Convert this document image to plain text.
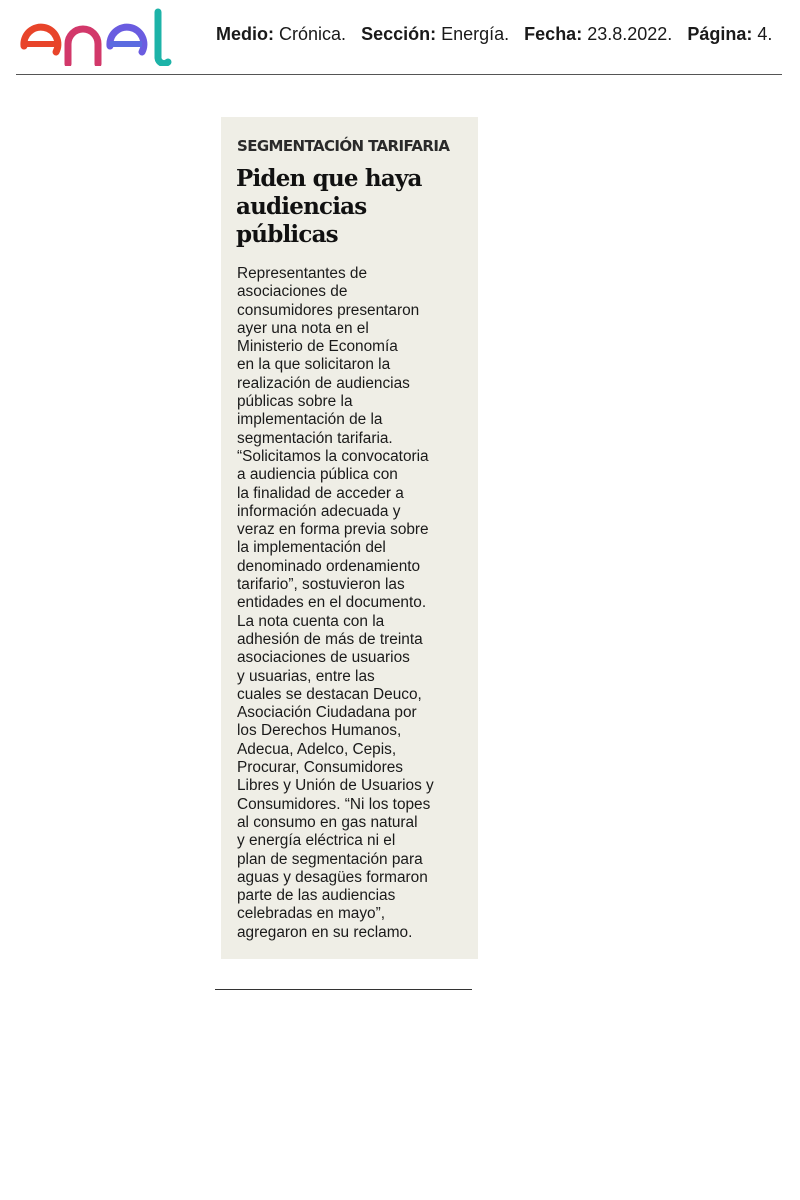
Medio: Crónica. Sección: Energía. Fecha: 23.8.2022. Página: 4.
SEGMENTACIÓN TARIFARIA
Piden que haya
audiencias
públicas
Representantes de
asociaciones de
consumidores presentaron
ayer una nota en el
Ministerio de Economía
en la que solicitaron la
realización de audiencias
públicas sobre la
implementación de la
segmentación tarifaria.
“Solicitamos la convocatoria
a audiencia pública con
la finalidad de acceder a
información adecuada y
veraz en forma previa sobre
la implementación del
denominado ordenamiento
tarifario”, sostuvieron las
entidades en el documento.
La nota cuenta con la
adhesión de más de treinta
asociaciones de usuarios
y usuarias, entre las
cuales se destacan Deuco,
Asociación Ciudadana por
los Derechos Humanos,
Adecua, Adelco, Cepis,
Procurar, Consumidores
Libres y Unión de Usuarios y
Consumidores. “Ni los topes
al consumo en gas natural
y energía eléctrica ni el
plan de segmentación para
aguas y desagües formaron
parte de las audiencias
celebradas en mayo”,
agregaron en su reclamo.
